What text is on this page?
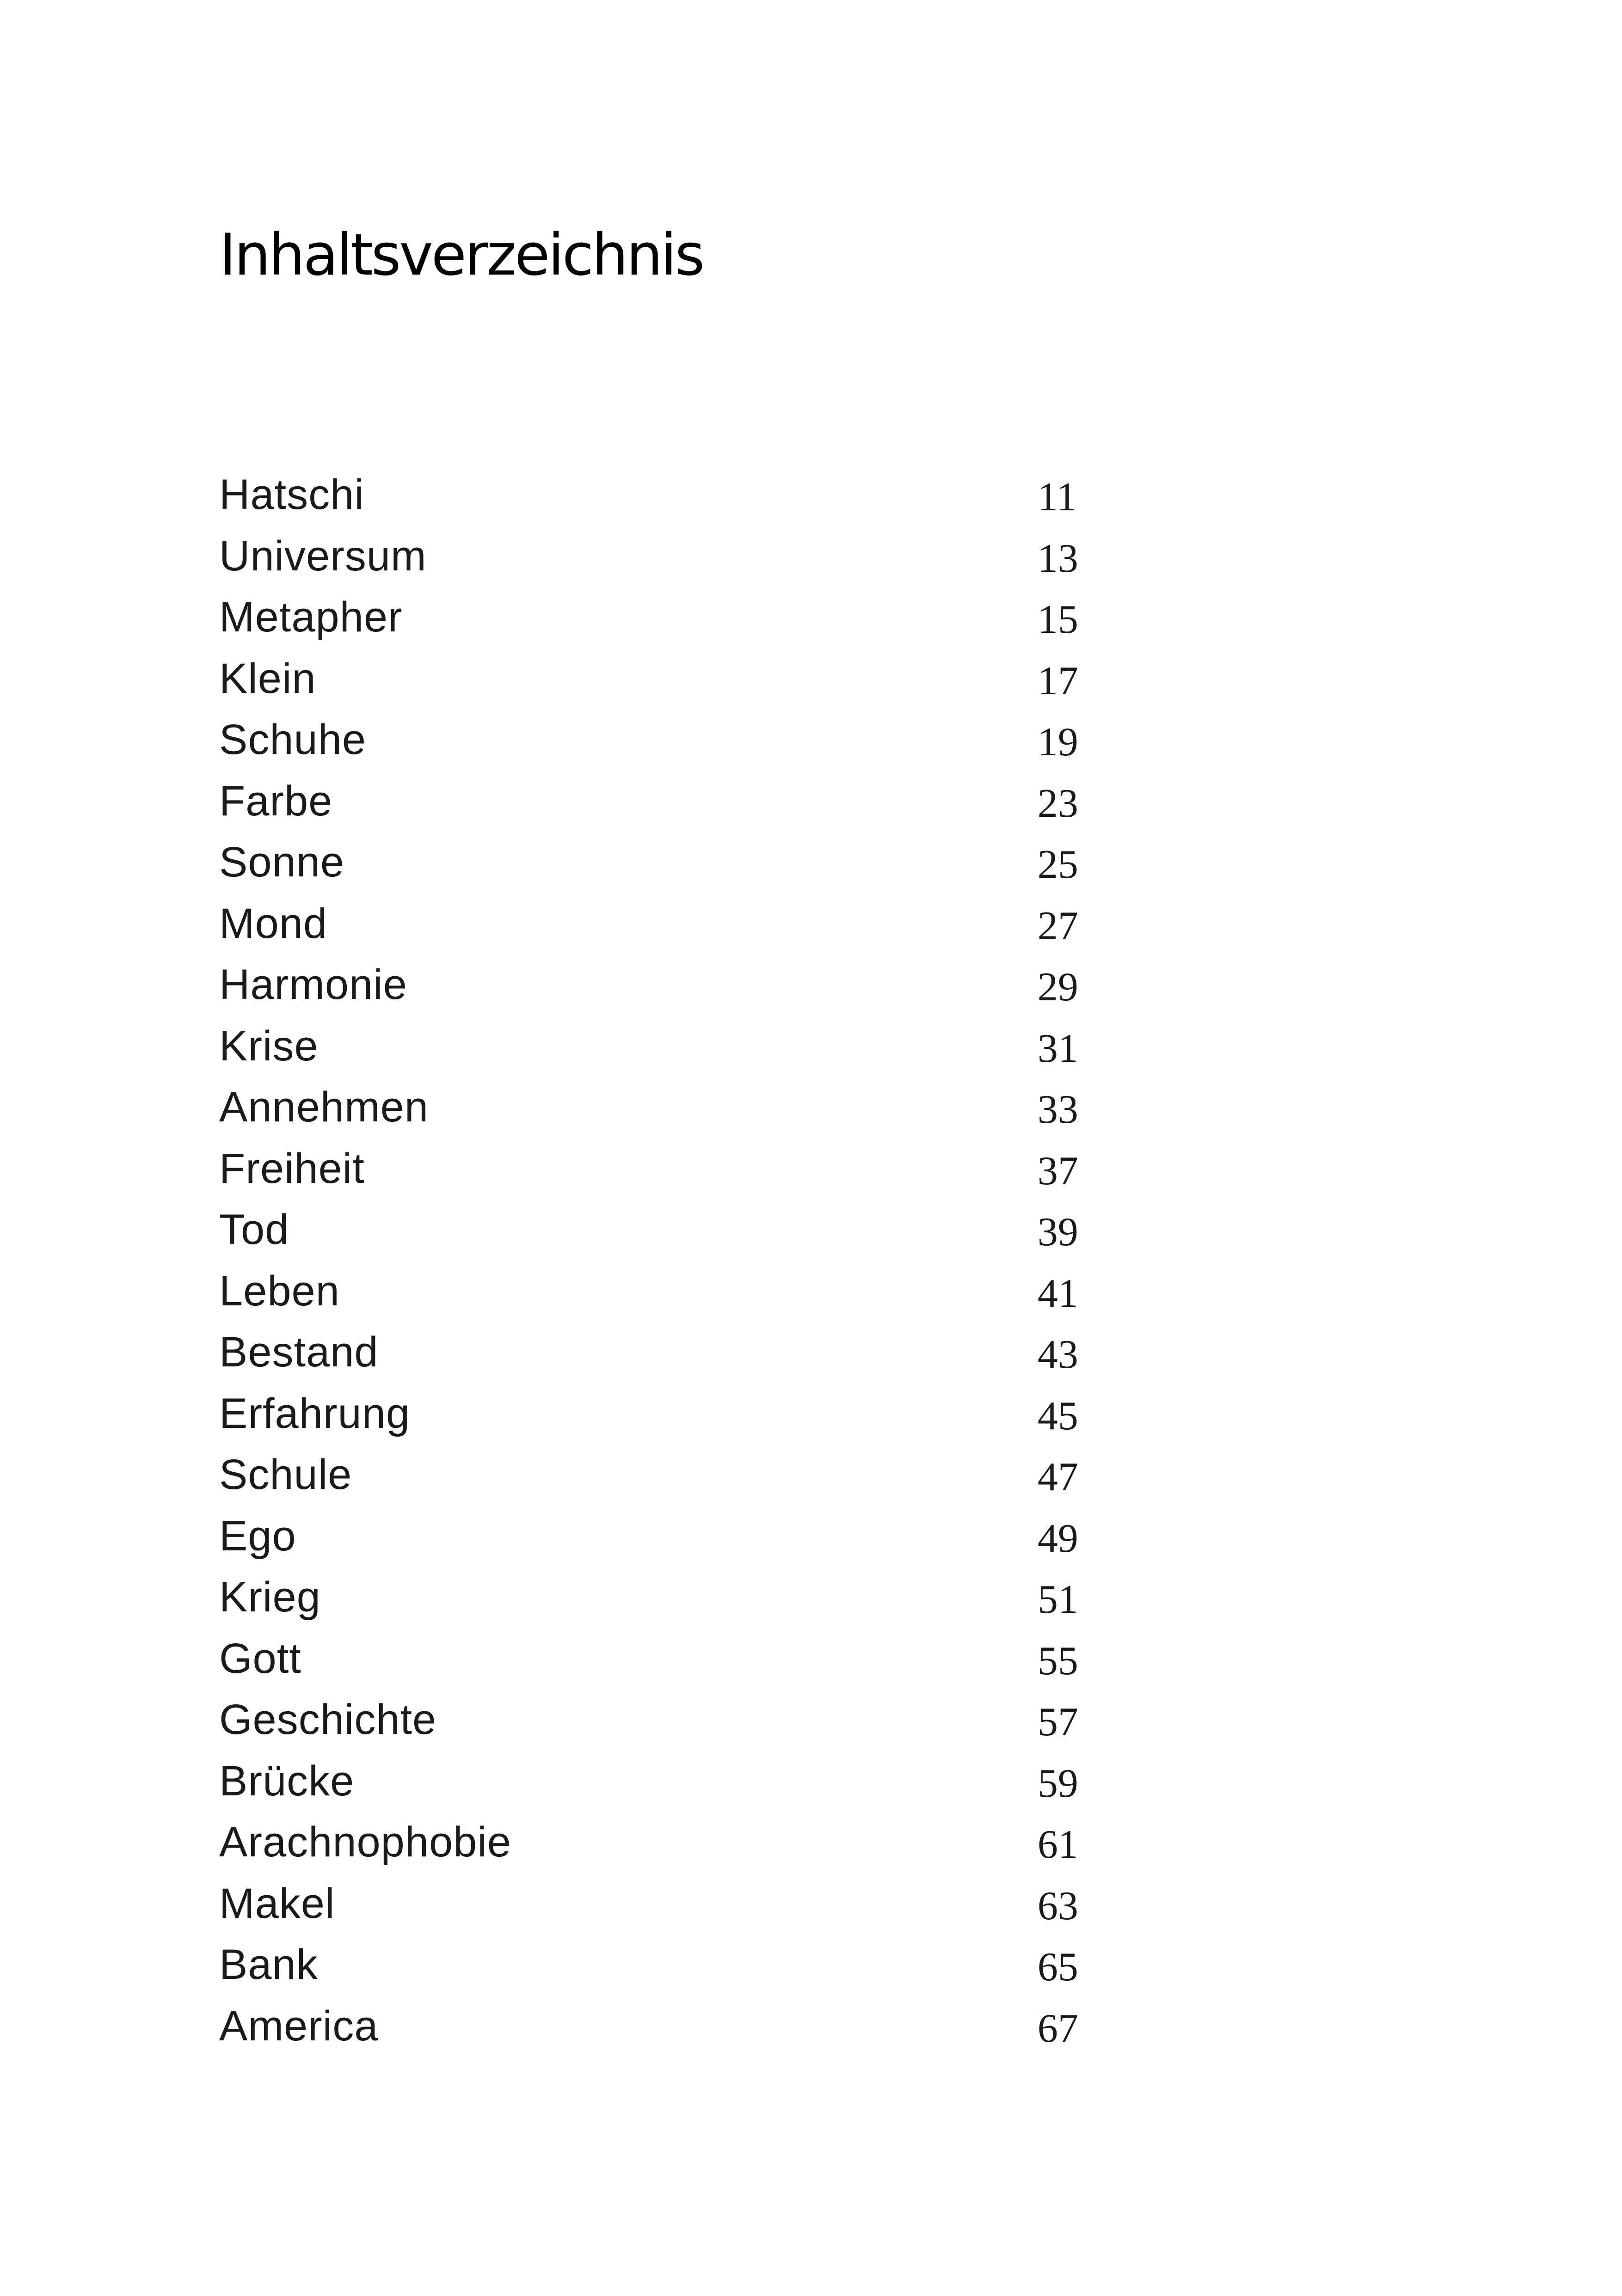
Inhaltsverzeichnis
Hatschi	11
Universum	13
Metapher	15
Klein	17
Schuhe	19
Farbe	23
Sonne	25
Mond	27
Harmonie	29
Krise	31
Annehmen	33
Freiheit	37
Tod	39
Leben	41
Bestand	43
Erfahrung	45
Schule	47
Ego	49
Krieg	51
Gott	55
Geschichte	57
Brücke	59
Arachnophobie	61
Makel	63
Bank	65
America	67
